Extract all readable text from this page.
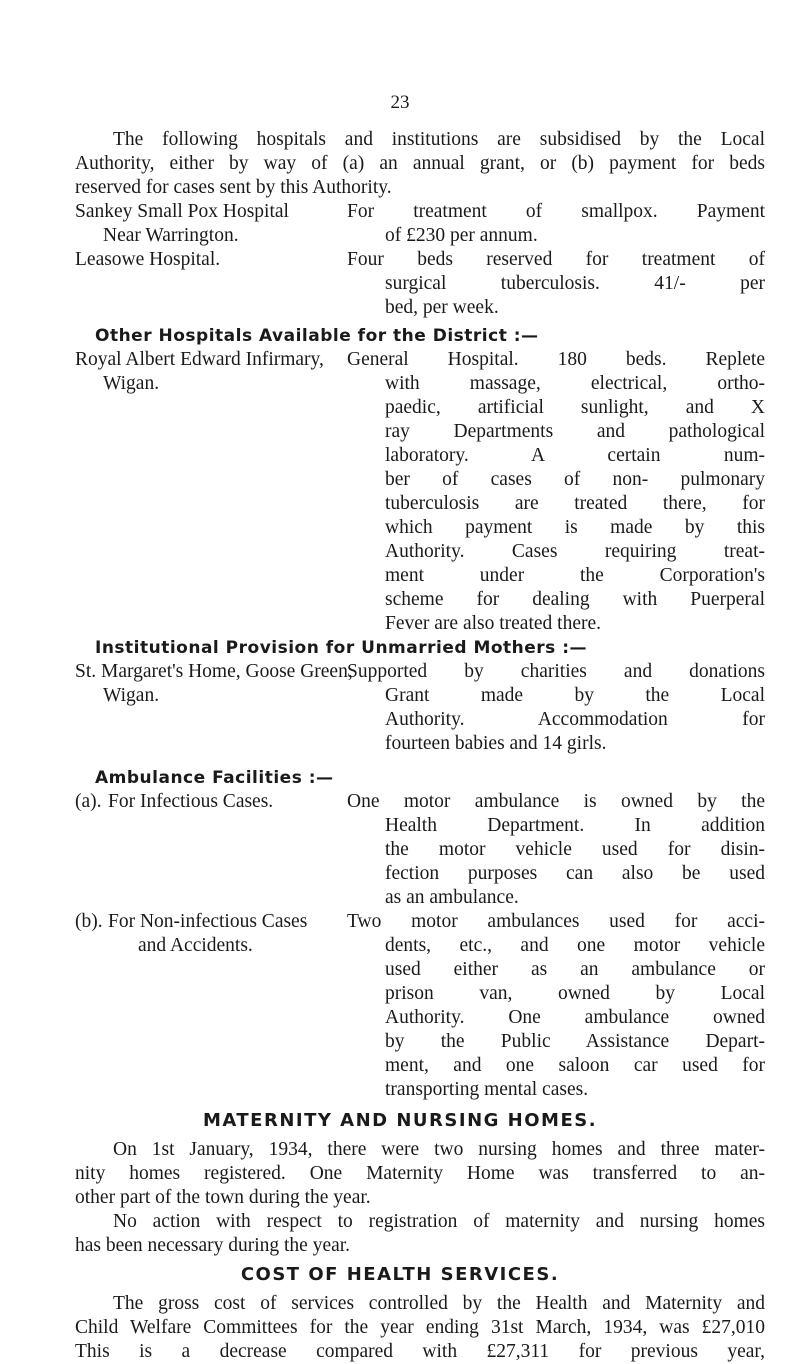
23
The following hospitals and institutions are subsidised by the Local
Authority, either by way of (a) an annual grant, or (b) payment for beds
reserved for cases sent by this Authority.
Sankey Small Pox Hospital
Near Warrington.
For treatment of smallpox. Payment
of £230 per annum.
Leasowe Hospital.	Four beds reserved for treatment of
surgical tuberculosis. 41/- per
bed, per week.
Other Hospitals Available for the District :—
Royal Albert Edward Infirmary,
Wigan.
General Hospital. 180 beds. Replete
with massage, electrical, ortho-
paedic, artificial sunlight, and X
ray Departments and pathological
laboratory. A certain num-
ber of cases of non- pulmonary
tuberculosis are treated there, for
which payment is made by this
Authority. Cases requiring treat-
ment under the Corporation's
scheme for dealing with Puerperal
Fever are also treated there.
Institutional Provision for Unmarried Mothers :—
St. Margaret's Home, Goose Green,
Wigan.
Supported by charities and donations
Grant made by the Local
Authority. Accommodation for
fourteen babies and 14 girls.
Ambulance Facilities :—
(a). For Infectious Cases.	One motor ambulance is owned by the
Health Department. In addition
the motor vehicle used for disin-
fection purposes can also be used
as an ambulance.
(b). For Non-infectious Cases
and Accidents.
Two motor ambulances used for acci-
dents, etc., and one motor vehicle
used either as an ambulance or
prison van, owned by Local
Authority. One ambulance owned
by the Public Assistance Depart-
ment, and one saloon car used for
transporting mental cases.
MATERNITY AND NURSING HOMES.
On 1st January, 1934, there were two nursing homes and three mater-
nity homes registered. One Maternity Home was transferred to an-
other part of the town during the year.
No action with respect to registration of maternity and nursing homes
has been necessary during the year.
COST OF HEALTH SERVICES.
The gross cost of services controlled by the Health and Maternity and
Child Welfare Committees for the year ending 31st March, 1934, was £27,010
This is a decrease compared with £27,311 for previous year,
